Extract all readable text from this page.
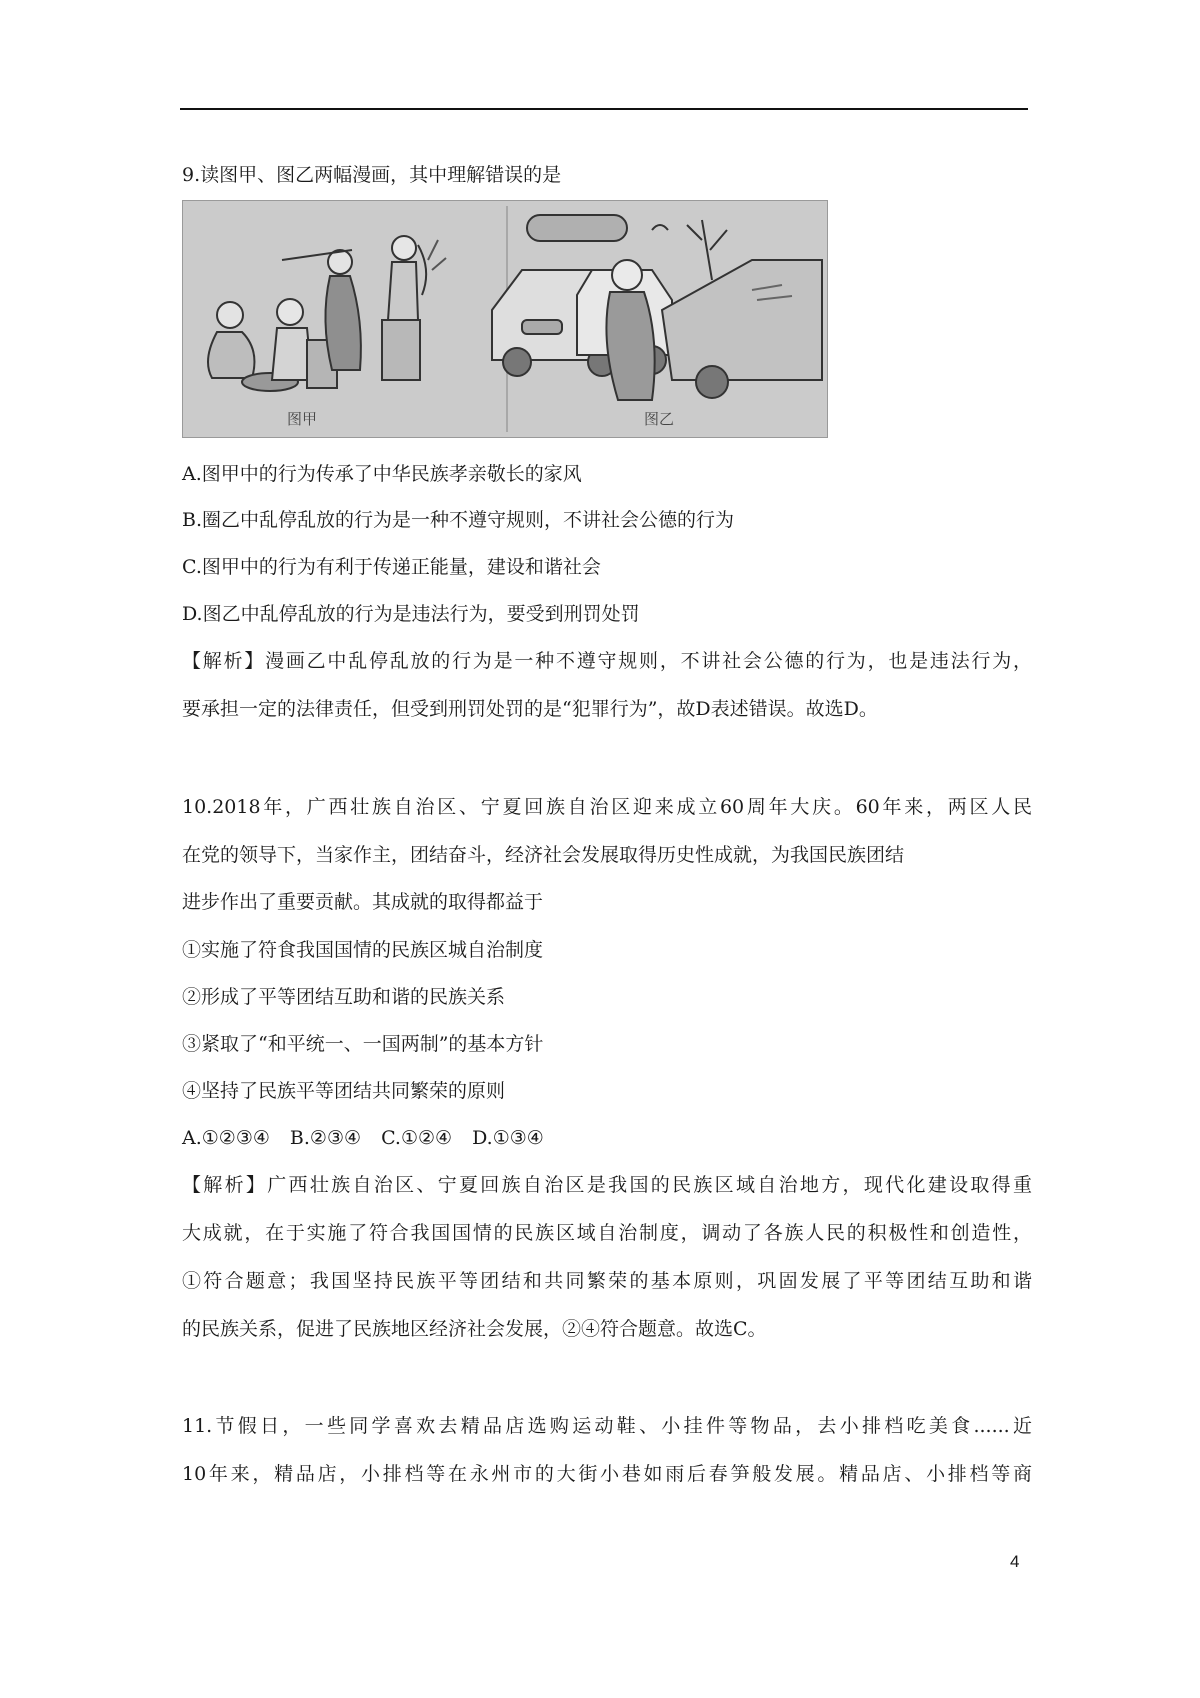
9.读图甲、图乙两幅漫画，其中理解错误的是
图甲	图乙
A.图甲中的行为传承了中华民族孝亲敬长的家风
B.圈乙中乱停乱放的行为是一种不遵守规则，不讲社会公德的行为
C.图甲中的行为有利于传递正能量，建设和谐社会
D.图乙中乱停乱放的行为是违法行为，要受到刑罚处罚
【解析】漫画乙中乱停乱放的行为是一种不遵守规则，不讲社会公德的行为，也是违法行为，
要承担一定的法律责任，但受到刑罚处罚的是“犯罪行为”，故D表述错误。故选D。
10.2018年，广西壮族自治区、宁夏回族自治区迎来成立60周年大庆。60年来，两区人民
在党的领导下，当家作主，团结奋斗，经济社会发展取得历史性成就，为我国民族团结
进步作出了重要贡献。其成就的取得都益于
①实施了符食我国国情的民族区城自治制度
②形成了平等团结互助和谐的民族关系
③紧取了“和平统一、一国两制”的基本方针
④坚持了民族平等团结共同繁荣的原则
A.①②③④ B.②③④ C.①②④ D.①③④
【解析】广西壮族自治区、宁夏回族自治区是我国的民族区域自治地方，现代化建设取得重
大成就，在于实施了符合我国国情的民族区域自治制度，调动了各族人民的积极性和创造性，
①符合题意；我国坚持民族平等团结和共同繁荣的基本原则，巩固发展了平等团结互助和谐
的民族关系，促进了民族地区经济社会发展，②④符合题意。故选C。
11.节假日，一些同学喜欢去精品店选购运动鞋、小挂件等物品，去小排档吃美食......近
10年来，精品店，小排档等在永州市的大街小巷如雨后春笋般发展。精品店、小排档等商
4
